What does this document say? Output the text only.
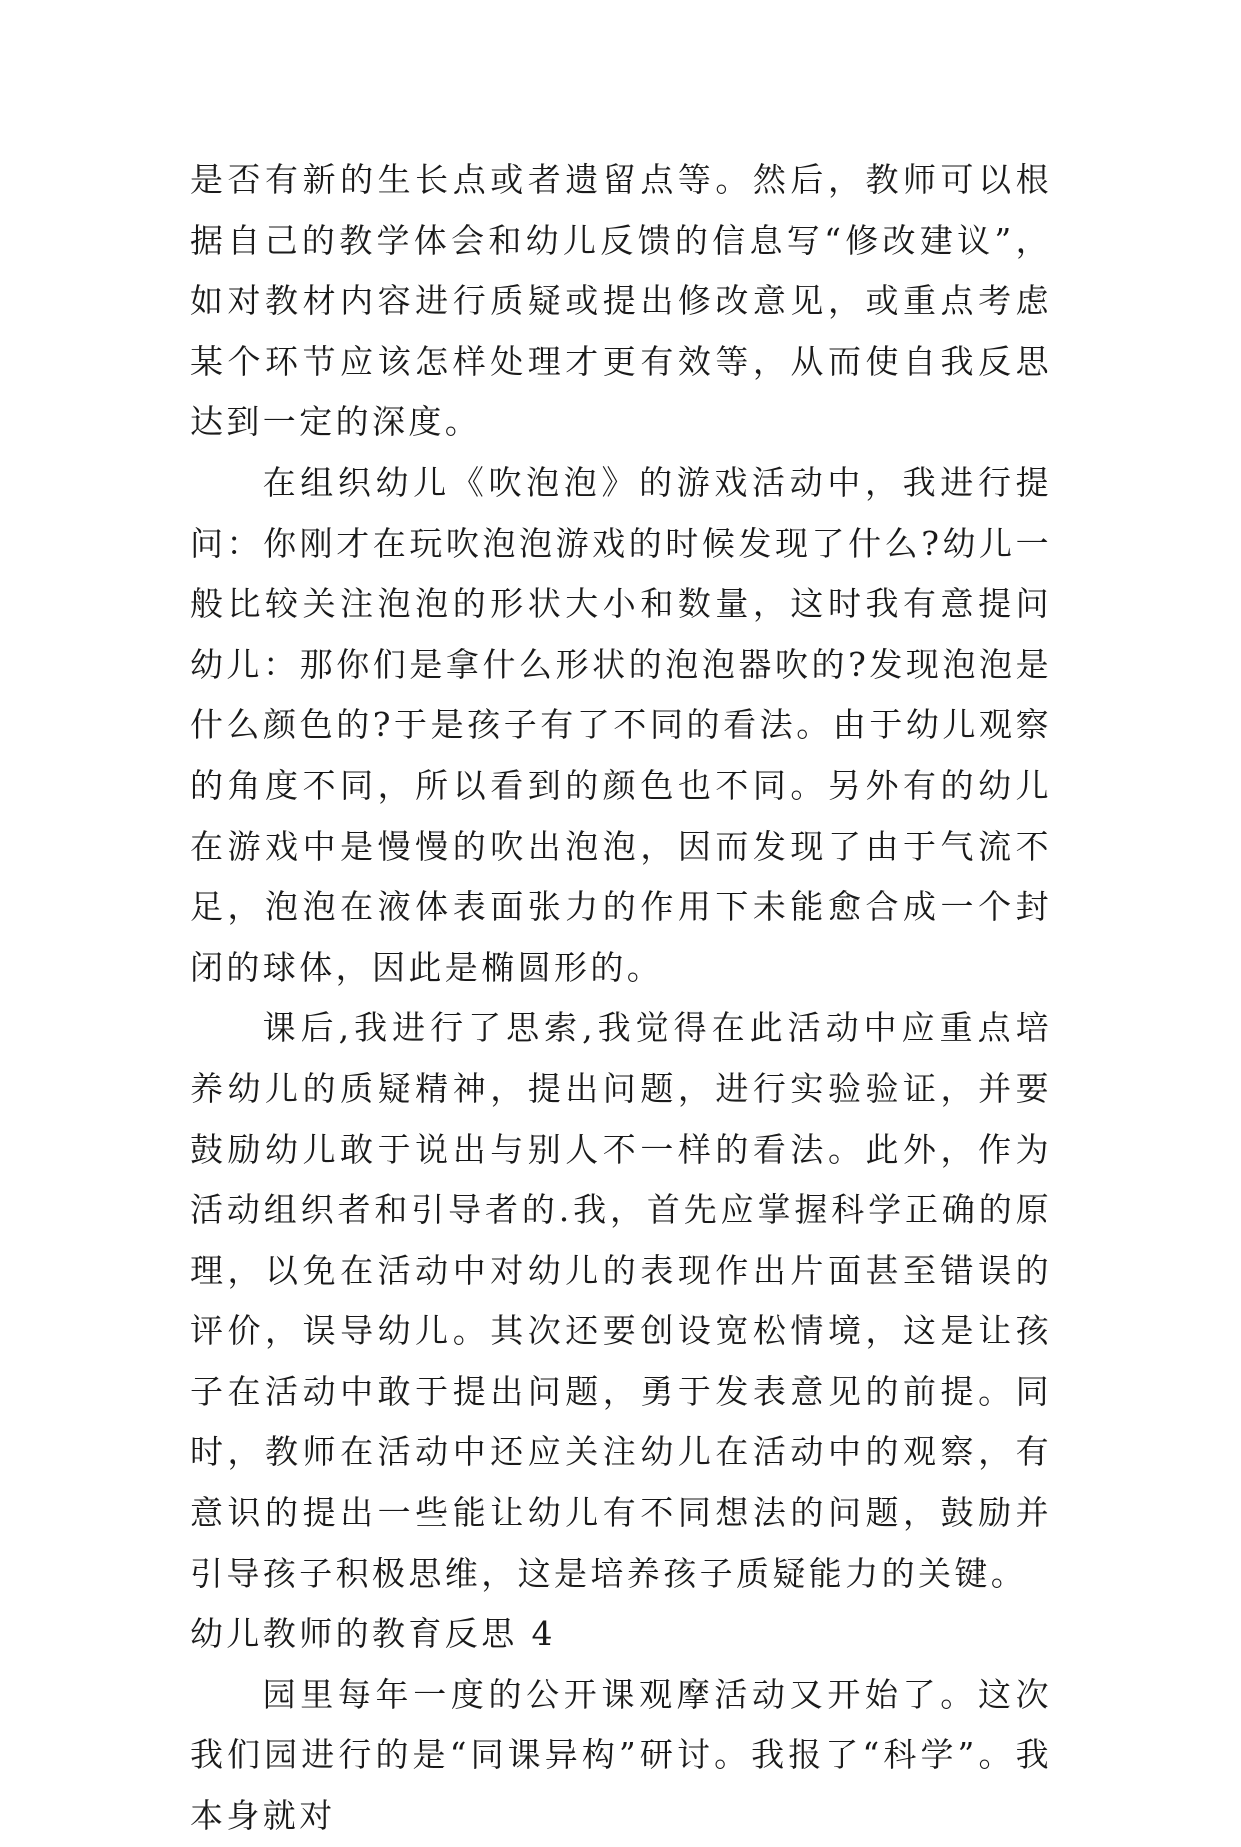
是否有新的生长点或者遗留点等。然后，教师可以根据自己的教学体会和幼儿反馈的信息写“修改建议”，如对教材内容进行质疑或提出修改意见，或重点考虑某个环节应该怎样处理才更有效等，从而使自我反思达到一定的深度。

在组织幼儿《吹泡泡》的游戏活动中，我进行提问：你刚才在玩吹泡泡游戏的时候发现了什么?幼儿一般比较关注泡泡的形状大小和数量，这时我有意提问幼儿：那你们是拿什么形状的泡泡器吹的?发现泡泡是什么颜色的?于是孩子有了不同的看法。由于幼儿观察的角度不同，所以看到的颜色也不同。另外有的幼儿在游戏中是慢慢的吹出泡泡，因而发现了由于气流不足，泡泡在液体表面张力的作用下未能愈合成一个封闭的球体，因此是椭圆形的。

课后,我进行了思索,我觉得在此活动中应重点培养幼儿的质疑精神，提出问题，进行实验验证，并要鼓励幼儿敢于说出与别人不一样的看法。此外，作为活动组织者和引导者的.我，首先应掌握科学正确的原理，以免在活动中对幼儿的表现作出片面甚至错误的评价，误导幼儿。其次还要创设宽松情境，这是让孩子在活动中敢于提出问题，勇于发表意见的前提。同时，教师在活动中还应关注幼儿在活动中的观察，有意识的提出一些能让幼儿有不同想法的问题，鼓励并引导孩子积极思维，这是培养孩子质疑能力的关键。

幼儿教师的教育反思 4

园里每年一度的公开课观摩活动又开始了。这次我们园进行的是“同课异构”研讨。我报了“科学”。我本身就对
